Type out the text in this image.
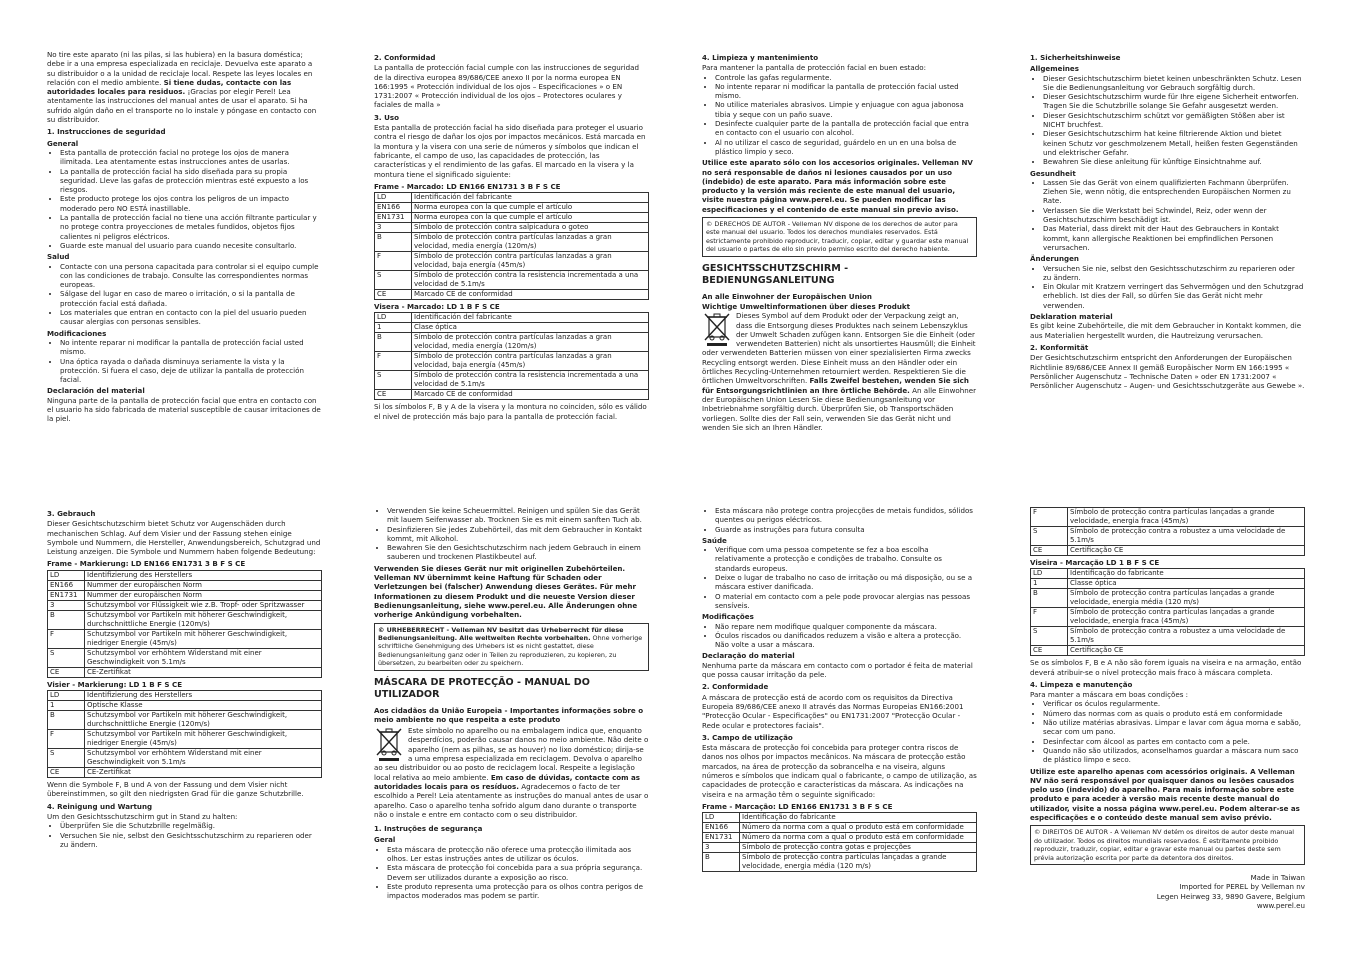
No tire este aparato (ni las pilas, si las hubiera) en la basura doméstica; debe ir a una empresa especializada en reciclaje. Devuelva este aparato a su distribuidor o a la unidad de reciclaje local. Respete las leyes locales en relación con el medio ambiente. Si tiene dudas, contacte con las autoridades locales para residuos. ¡Gracias por elegir Perel! Lea atentamente las instrucciones del manual antes de usar el aparato. Si ha sufrido algún daño en el transporte no lo instale y póngase en contacto con su distribuidor.

1. Instrucciones de seguridad
General
• Esta pantalla de protección facial no protege los ojos de manera ilimitada. Lea atentamente estas instrucciones antes de usarlas.
• La pantalla de protección facial ha sido diseñada para su propia seguridad. Lleve las gafas de protección mientras esté expuesto a los riesgos.
• Este producto protege los ojos contra los peligros de un impacto moderado pero NO ESTÁ inastillable.
• La pantalla de protección facial no tiene una acción filtrante particular y no protege contra proyecciones de metales fundidos, objetos fijos calientes ni peligros eléctricos.
• Guarde este manual del usuario para cuando necesite consultarlo.
Salud
• Contacte con una persona capacitada para controlar si el equipo cumple con las condiciones de trabajo. Consulte las correspondientes normas europeas.
• Sálgase del lugar en caso de mareo o irritación, o si la pantalla de protección facial está dañada.
• Los materiales que entran en contacto con la piel del usuario pueden causar alergias con personas sensibles.
Modificaciones
• No intente reparar ni modificar la pantalla de protección facial usted mismo.
• Una óptica rayada o dañada disminuya seriamente la vista y la protección. Si fuera el caso, deje de utilizar la pantalla de protección facial.
Declaración del material

Ninguna parte de la pantalla de protección facial que entra en contacto con el usuario ha sido fabricada de material susceptible de causar irritaciones de la piel.

2. Conformidad

La pantalla de protección facial cumple con las instrucciones de seguridad de la directiva europea 89/686/CEE anexo II por la norma europea EN 166:1995 « Protección individual de los ojos – Especificaciones » o EN 1731:2007 « Protección individual de los ojos – Protectores oculares y faciales de malla »

3. Uso

Esta pantalla de protección facial ha sido diseñada para proteger el usuario contra el riesgo de dañar los ojos por impactos mecánicos. Está marcada en la montura y la visera con una serie de números y símbolos que indican el fabricante, el campo de uso, las capacidades de protección, las características y el rendimiento de las gafas. El marcado en la visera y la montura tiene el significado siguiente:

Frame - Marcado: LD EN166 EN1731 3 B F S CE
LD	Identificación del fabricante
EN166	Norma europea con la que cumple el artículo
EN1731	Norma europea con la que cumple el artículo
3	Símbolo de protección contra salpicadura o goteo
B	Símbolo de protección contra partículas lanzadas a gran velocidad, media energía (120m/s)
F	Símbolo de protección contra partículas lanzadas a gran velocidad, baja energía (45m/s)
S	Símbolo de protección contra la resistencia incrementada a una velocidad de 5.1m/s
CE	Marcado CE de conformidad
Visera - Marcado: LD 1 B F S CE
LD	Identificación del fabricante
1	Clase óptica
B	Símbolo de protección contra partículas lanzadas a gran velocidad, media energía (120m/s)
F	Símbolo de protección contra partículas lanzadas a gran velocidad, baja energía (45m/s)
S	Símbolo de protección contra la resistencia incrementada a una velocidad de 5.1m/s
CE	Marcado CE de conformidad

Si los símbolos F, B y A de la visera y la montura no coinciden, sólo es válido el nivel de protección más bajo para la pantalla de protección facial.

4. Limpieza y mantenimiento
Para mantener la pantalla de protección facial en buen estado:
• Controle las gafas regularmente.
• No intente reparar ni modificar la pantalla de protección facial usted mismo.
• No utilice materiales abrasivos. Limpie y enjuague con agua jabonosa tibia y seque con un paño suave.
• Desinfecte cualquier parte de la pantalla de protección facial que entra en contacto con el usuario con alcohol.
• Al no utilizar el casco de seguridad, guárdelo en un en una bolsa de plástico limpio y seco.

Utilice este aparato sólo con los accesorios originales. Velleman NV no será responsable de daños ni lesiones causados por un uso (indebido) de este aparato. Para más información sobre este producto y la versión más reciente de este manual del usuario, visite nuestra página www.perel.eu. Se pueden modificar las especificaciones y el contenido de este manual sin previo aviso.

© DERECHOS DE AUTOR - Velleman NV dispone de los derechos de autor para este manual del usuario. Todos los derechos mundiales reservados. Está estrictamente prohibido reproducir, traducir, copiar, editar y guardar este manual del usuario o partes de ello sin previo permiso escrito del derecho habiente.
GESICHTSSCHUTZSCHIRM - BEDIENUNGSANLEITUNG
An alle Einwohner der Europäischen Union
Wichtige Umweltinformationen über dieses Produkt
Dieses Symbol auf dem Produkt oder der Verpackung zeigt an, dass die Entsorgung dieses Produktes nach seinem Lebenszyklus der Umwelt Schaden zufügen kann. Entsorgen Sie die Einheit (oder verwendeten Batterien) nicht als unsortiertes Hausmüll; die Einheit oder verwendeten Batterien müssen von einer spezialisierten Firma zwecks Recycling entsorgt werden. Diese Einheit muss an den Händler oder ein örtliches Recycling-Unternehmen retourniert werden. Respektieren Sie die örtlichen Umweltvorschriften. Falls Zweifel bestehen, wenden Sie sich für Entsorgungsrichtlinien an Ihre örtliche Behörde. An alle Einwohner der Europäischen Union Lesen Sie diese Bedienungsanleitung vor Inbetriebnahme sorgfältig durch. Überprüfen Sie, ob Transportschäden vorliegen. Sollte dies der Fall sein, verwenden Sie das Gerät nicht und wenden Sie sich an Ihren Händler.
1. Sicherheitshinweise
Allgemeines
• Dieser Gesichtschutzschirm bietet keinen unbeschränkten Schutz. Lesen Sie die Bedienungsanleitung vor Gebrauch sorgfältig durch.
• Dieser Gesichtschutzschirm wurde für Ihre eigene Sicherheit entworfen. Tragen Sie die Schutzbrille solange Sie Gefahr ausgesetzt werden.
• Dieser Gesichtschutzschirm schützt vor gemäßigten Stößen aber ist NICHT bruchfest.
• Dieser Gesichtschutzschirm hat keine filtrierende Aktion und bietet keinen Schutz vor geschmolzenem Metall, heißen festen Gegenständen und elektrischer Gefahr.
• Bewahren Sie diese anleitung für künftige Einsichtnahme auf.
Gesundheit
• Lassen Sie das Gerät von einem qualifizierten Fachmann überprüfen. Ziehen Sie, wenn nötig, die entsprechenden Europäischen Normen zu Rate.
• Verlassen Sie die Werkstatt bei Schwindel, Reiz, oder wenn der Gesichtschutzschirm beschädigt ist.
• Das Material, dass direkt mit der Haut des Gebrauchers in Kontakt kommt, kann allergische Reaktionen bei empfindlichen Personen verursachen.
Änderungen
• Versuchen Sie nie, selbst den Gesichtsschutzschirm zu reparieren oder zu ändern.
• Ein Okular mit Kratzern verringert das Sehvermögen und den Schutzgrad erheblich. Ist dies der Fall, so dürfen Sie das Gerät nicht mehr verwenden.
Deklaration material

Es gibt keine Zubehörteile, die mit dem Gebraucher in Kontakt kommen, die aus Materialien hergestellt wurden, die Hautreizung verursachen.

2. Konformität

Der Gesichtschutzschirm entspricht den Anforderungen der Europäischen Richtlinie 89/686/CEE Annex II gemäß Europäischer Norm EN 166:1995 « Persönlicher Augenschutz – Technische Daten » oder EN 1731:2007 « Persönlicher Augenschutz – Augen- und Gesichtsschutzgeräte aus Gewebe ».

3. Gebrauch

Dieser Gesichtschutzschirm bietet Schutz vor Augenschäden durch mechanischen Schlag. Auf dem Visier und der Fassung stehen einige Symbole und Nummern, die Hersteller, Anwendungsbereich, Schutzgrad und Leistung anzeigen. Die Symbole und Nummern haben folgende Bedeutung:

Frame - Markierung: LD EN166 EN1731 3 B F S CE
LD	Identifizierung des Herstellers
EN166	Nummer der europäischen Norm
EN1731	Nummer der europäischen Norm
3	Schutzsymbol vor Flüssigkeit wie z.B. Tropf- oder Spritzwasser
B	Schutzsymbol vor Partikeln mit höherer Geschwindigkeit, durchschnittliche Energie (120m/s)
F	Schutzsymbol vor Partikeln mit höherer Geschwindigkeit, niedriger Energie (45m/s)
S	Schutzsymbol vor erhöhtem Widerstand mit einer Geschwindigkeit von 5.1m/s
CE	CE-Zertifikat
Visier - Markierung: LD 1 B F S CE
LD	Identifizierung des Herstellers
1	Optische Klasse
B	Schutzsymbol vor Partikeln mit höherer Geschwindigkeit, durchschnittliche Energie (120m/s)
F	Schutzsymbol vor Partikeln mit höherer Geschwindigkeit, niedriger Energie (45m/s)
S	Schutzsymbol vor erhöhtem Widerstand mit einer Geschwindigkeit von 5.1m/s
CE	CE-Zertifikat

Wenn die Symbole F, B und A von der Fassung und dem Visier nicht übereinstimmen, so gilt den niedrigsten Grad für die ganze Schutzbrille.

4. Reinigung und Wartung
Um den Gesichtsschutzschirm gut in Stand zu halten:
• Überprüfen Sie die Schutzbrille regelmäßig.
• Versuchen Sie nie, selbst den Gesichtsschutzschirm zu reparieren oder zu ändern.
• Verwenden Sie keine Scheuermittel. Reinigen und spülen Sie das Gerät mit lauem Seifenwasser ab. Trocknen Sie es mit einem sanften Tuch ab.
• Desinfizieren Sie jedes Zubehörteil, das mit dem Gebraucher in Kontakt kommt, mit Alkohol.
• Bewahren Sie den Gesichtschutzschirm nach jedem Gebrauch in einem sauberen und trockenen Plastikbeutel auf.

Verwenden Sie dieses Gerät nur mit originellen Zubehörteilen. Velleman NV übernimmt keine Haftung für Schaden oder Verletzungen bei (falscher) Anwendung dieses Gerätes. Für mehr Informationen zu diesem Produkt und die neueste Version dieser Bedienungsanleitung, siehe www.perel.eu. Alle Änderungen ohne vorherige Ankündigung vorbehalten.

© URHEBERRECHT - Velleman NV besitzt das Urheberrecht für diese Bedienungsanleitung. Alle weltweiten Rechte vorbehalten. Ohne vorherige schriftliche Genehmigung des Urhebers ist es nicht gestattet, diese Bedienungsanleitung ganz oder in Teilen zu reproduzieren, zu kopieren, zu übersetzen, zu bearbeiten oder zu speichern.
MÁSCARA DE PROTECÇÃO - MANUAL DO UTILIZADOR
Aos cidadãos da União Europeia - Importantes informações sobre o meio ambiente no que respeita a este produto
Este símbolo no aparelho ou na embalagem indica que, enquanto desperdícios, poderão causar danos no meio ambiente. Não deite o aparelho (nem as pilhas, se as houver) no lixo doméstico; dirija-se a uma empresa especializada em reciclagem. Devolva o aparelho ao seu distribuidor ou ao posto de reciclagem local. Respeite a legislação local relativa ao meio ambiente. Em caso de dúvidas, contacte com as autoridades locais para os resíduos. Agradecemos o facto de ter escolhido a Perel! Leia atentamente as instruções do manual antes de usar o aparelho. Caso o aparelho tenha sofrido algum dano durante o transporte não o instale e entre em contacto com o seu distribuidor.
1. Instruções de segurança
Geral
• Esta máscara de protecção não oferece uma protecção ilimitada aos olhos. Ler estas instruções antes de utilizar os óculos.
• Esta máscara de protecção foi concebida para a sua própria segurança. Devem ser utilizados durante a exposição ao risco.
• Este produto representa uma protecção para os olhos contra perigos de impactos moderados mas podem se partir.
• Esta máscara não protege contra projecções de metais fundidos, sólidos quentes ou perigos eléctricos.
• Guarde as instruções para futura consulta
Saúde
• Verifique com uma pessoa competente se fez a boa escolha relativamente a protecção e condições de trabalho. Consulte os standards europeus.
• Deixe o lugar de trabalho no caso de irritação ou má disposição, ou se a máscara estiver danificada.
• O material em contacto com a pele pode provocar alergias nas pessoas sensíveis.
Modificações
• Não repare nem modifique qualquer componente da máscara.
• Óculos riscados ou danificados reduzem a visão e altera a protecção. Não volte a usar a máscara.
Declaração do material

Nenhuma parte da máscara em contacto com o portador é feita de material que possa causar irritação da pele.

2. Conformidade

A máscara de protecção está de acordo com os requisitos da Directiva Europeia 89/686/CEE anexo II através das Normas Europeias EN166:2001 "Protecção Ocular - Especificações" ou EN1731:2007 "Protecção Ocular - Rede ocular e protectores faciais".

3. Campo de utilização

Esta máscara de protecção foi concebida para proteger contra riscos de danos nos olhos por impactos mecânicos. Na máscara de protecção estão marcados, na área de protecção da sobrancelha e na viseira, alguns números e símbolos que indicam qual o fabricante, o campo de utilização, as capacidades de protecção e características da máscara. As indicações na viseira e na armação têm o seguinte significado:

Frame - Marcação: LD EN166 EN1731 3 B F S CE
LD	Identificação do fabricante
EN166	Número da norma com a qual o produto está em conformidade
EN1731	Número da norma com a qual o produto está em conformidade
3	Símbolo de protecção contra gotas e projecções
B	Símbolo de protecção contra partículas lançadas a grande velocidade, energia média (120 m/s)
F	Símbolo de protecção contra partículas lançadas a grande velocidade, energia fraca (45m/s)
S	Símbolo de protecção contra a robustez a uma velocidade de 5.1m/s
CE	Certificação CE
Viseira - Marcação LD 1 B F S CE
LD	Identificação do fabricante
1	Classe óptica
B	Símbolo de protecção contra partículas lançadas a grande velocidade, energia média (120 m/s)
F	Símbolo de protecção contra partículas lançadas a grande velocidade, energia fraca (45m/s)
S	Símbolo de protecção contra a robustez a uma velocidade de 5.1m/s
CE	Certificação CE

Se os símbolos F, B e A não são forem iguais na viseira e na armação, então deverá atribuir-se o nível protecção mais fraco à máscara completa.

4. Limpeza e manutenção
Para manter a máscara em boas condições :
• Verificar os óculos regularmente.
• Número das normas com as quais o produto está em conformidade
• Não utilize matérias abrasivas. Limpar e lavar com água morna e sabão, secar com um pano.
• Desinfectar com álcool as partes em contacto com a pele.
• Quando não são utilizados, aconselhamos guardar a máscara num saco de plástico limpo e seco.

Utilize este aparelho apenas com acessórios originais. A Velleman NV não será responsável por quaisquer danos ou lesões causados pelo uso (indevido) do aparelho. Para mais informação sobre este produto e para aceder à versão mais recente deste manual do utilizador, visite a nossa página www.perel.eu. Podem alterar-se as especificações e o conteúdo deste manual sem aviso prévio.

© DIREITOS DE AUTOR - A Velleman NV detém os direitos de autor deste manual do utilizador. Todos os direitos mundiais reservados. É estritamente proibido reproduzir, traduzir, copiar, editar e gravar este manual ou partes deste sem prévia autorização escrita por parte da detentora dos direitos.
Made in Taiwan
Imported for PEREL by Velleman nv
Legen Heirweg 33, 9890 Gavere, Belgium
www.perel.eu
